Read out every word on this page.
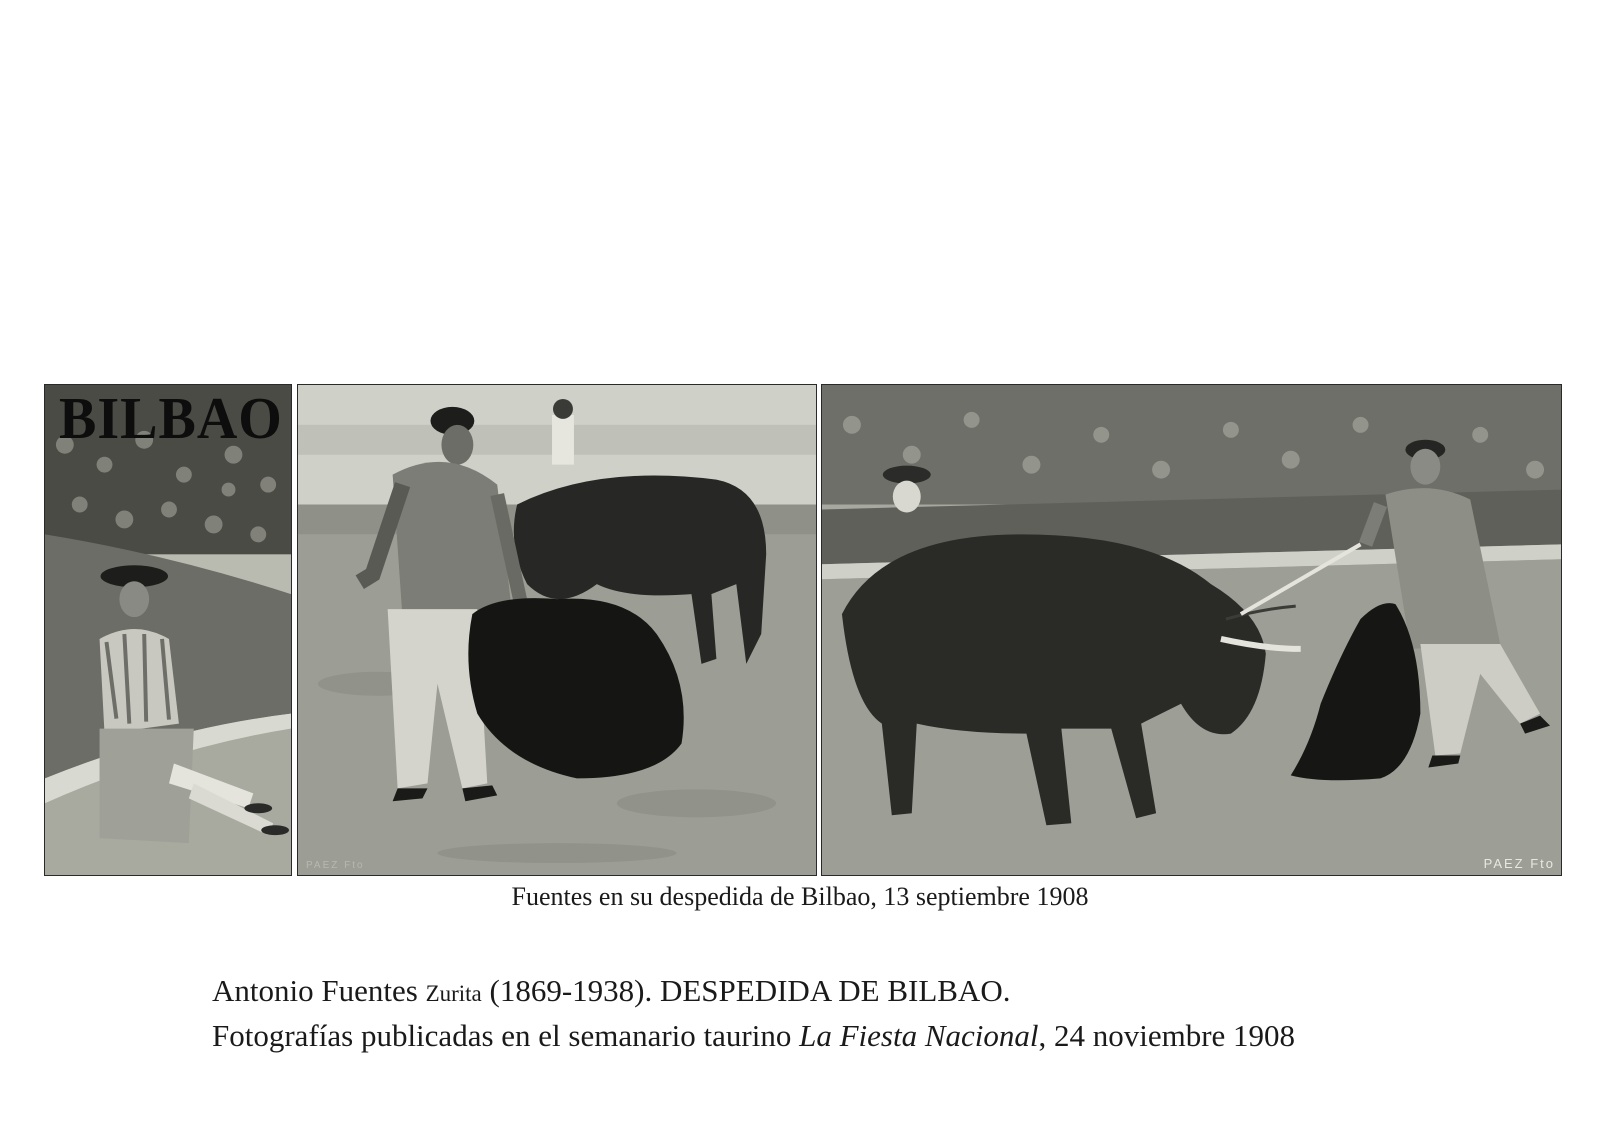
BILBAO
PAEZ Fto	PAEZ Fto
Fuentes en su despedida de Bilbao, 13 septiembre 1908
Antonio Fuentes Zurita (1869-1938). DESPEDIDA DE BILBAO.
Fotografías publicadas en el semanario taurino La Fiesta Nacional, 24 noviembre 1908
